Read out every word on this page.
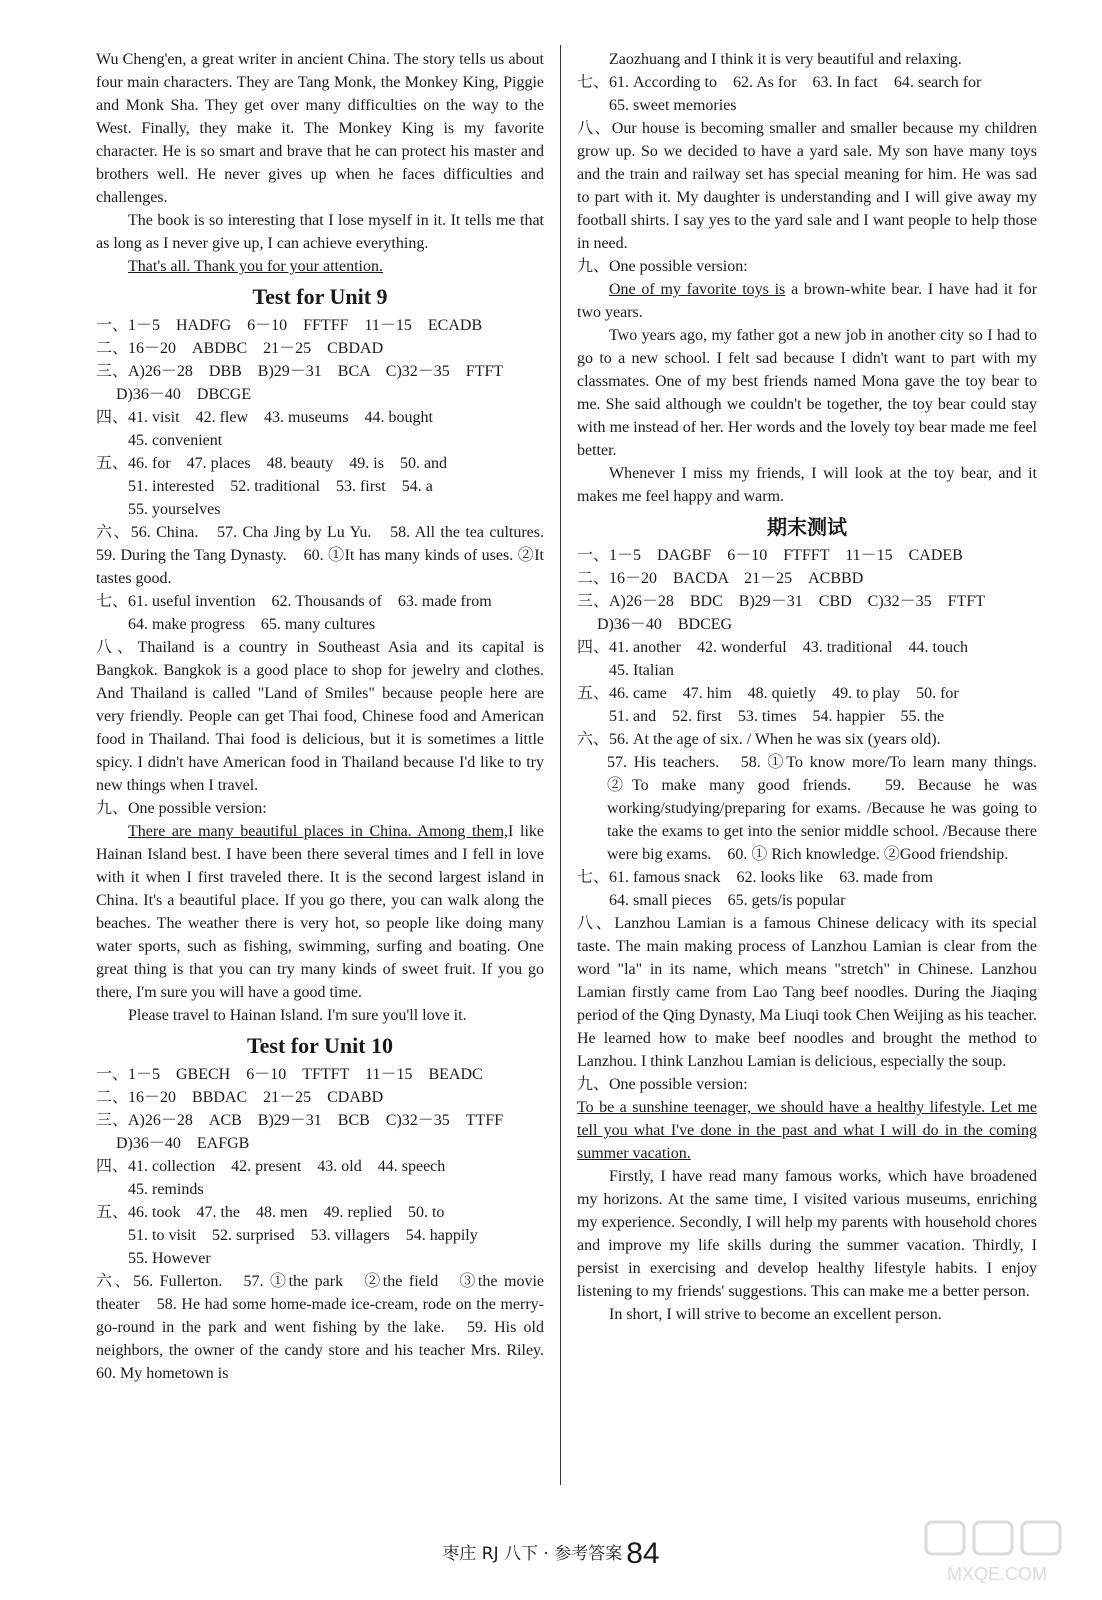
Wu Cheng'en, a great writer in ancient China. The story tells us about four main characters. They are Tang Monk, the Monkey King, Piggie and Monk Sha. They get over many difficulties on the way to the West. Finally, they make it. The Monkey King is my favorite character. He is so smart and brave that he can protect his master and brothers well. He never gives up when he faces difficulties and challenges.

The book is so interesting that I lose myself in it. It tells me that as long as I never give up, I can achieve everything.

That's all. Thank you for your attention.

Test for Unit 9

一、1－5　HADFG　6－10　FFTFF　11－15　ECADB

二、16－20　ABDBC　21－25　CBDAD

三、A)26－28　DBB　B)29－31　BCA　C)32－35　FTFT

　 D)36－40　DBCGE

四、41. visit　42. flew　43. museums　44. bought

　　45. convenient

五、46. for　47. places　48. beauty　49. is　50. and

　　51. interested　52. traditional　53. first　54. a

　　55. yourselves

六、56. China.　57. Cha Jing by Lu Yu.　58. All the tea cultures.　59. During the Tang Dynasty.　60. ①It has many kinds of uses. ②It tastes good.

七、61. useful invention　62. Thousands of　63. made from

　　64. make progress　65. many cultures

八、Thailand is a country in Southeast Asia and its capital is Bangkok. Bangkok is a good place to shop for jewelry and clothes. And Thailand is called "Land of Smiles" because people here are very friendly. People can get Thai food, Chinese food and American food in Thailand. Thai food is delicious, but it is sometimes a little spicy. I didn't have American food in Thailand because I'd like to try new things when I travel.

九、One possible version:

There are many beautiful places in China. Among them,I like Hainan Island best. I have been there several times and I fell in love with it when I first traveled there. It is the second largest island in China. It's a beautiful place. If you go there, you can walk along the beaches. The weather there is very hot, so people like doing many water sports, such as fishing, swimming, surfing and boating. One great thing is that you can try many kinds of sweet fruit. If you go there, I'm sure you will have a good time.

Please travel to Hainan Island. I'm sure you'll love it.

Test for Unit 10

一、1－5　GBECH　6－10　TFTFT　11－15　BEADC

二、16－20　BBDAC　21－25　CDABD

三、A)26－28　ACB　B)29－31　BCB　C)32－35　TTFF

　 D)36－40　EAFGB

四、41. collection　42. present　43. old　44. speech

　　45. reminds

五、46. took　47. the　48. men　49. replied　50. to

　　51. to visit　52. surprised　53. villagers　54. happily

　　55. However

六、56. Fullerton.　57. ①the park　②the field　③the movie theater　58. He had some home-made ice-cream, rode on the merry-go-round in the park and went fishing by the lake.　59. His old neighbors, the owner of the candy store and his teacher Mrs. Riley.　60. My hometown is

Zaozhuang and I think it is very beautiful and relaxing.

七、61. According to　62. As for　63. In fact　64. search for

　　65. sweet memories

八、Our house is becoming smaller and smaller because my children grow up. So we decided to have a yard sale. My son have many toys and the train and railway set has special meaning for him. He was sad to part with it. My daughter is understanding and I will give away my football shirts. I say yes to the yard sale and I want people to help those in need.

九、One possible version:

One of my favorite toys is a brown-white bear. I have had it for two years.

Two years ago, my father got a new job in another city so I had to go to a new school. I felt sad because I didn't want to part with my classmates. One of my best friends named Mona gave the toy bear to me. She said although we couldn't be together, the toy bear could stay with me instead of her. Her words and the lovely toy bear made me feel better.

Whenever I miss my friends, I will look at the toy bear, and it makes me feel happy and warm.

期末测试

一、1－5　DAGBF　6－10　FTFFT　11－15　CADEB

二、16－20　BACDA　21－25　ACBBD

三、A)26－28　BDC　B)29－31　CBD　C)32－35　FTFT

　 D)36－40　BDCEG

四、41. another　42. wonderful　43. traditional　44. touch

　　45. Italian

五、46. came　47. him　48. quietly　49. to play　50. for

　　51. and　52. first　53. times　54. happier　55. the

六、56. At the age of six. / When he was six (years old).

57. His teachers.　58. ①To know more/To learn many things. ②To make many good friends.　59. Because he was working/studying/preparing for exams. /Because he was going to take the exams to get into the senior middle school. /Because there were big exams.　60. ① Rich knowledge. ②Good friendship.

七、61. famous snack　62. looks like　63. made from

　　64. small pieces　65. gets/is popular

八、Lanzhou Lamian is a famous Chinese delicacy with its special taste. The main making process of Lanzhou Lamian is clear from the word "la" in its name, which means "stretch" in Chinese. Lanzhou Lamian firstly came from Lao Tang beef noodles. During the Jiaqing period of the Qing Dynasty, Ma Liuqi took Chen Weijing as his teacher. He learned how to make beef noodles and brought the method to Lanzhou. I think Lanzhou Lamian is delicious, especially the soup.

九、One possible version:

To be a sunshine teenager, we should have a healthy lifestyle. Let me tell you what I've done in the past and what I will do in the coming summer vacation.

Firstly, I have read many famous works, which have broadened my horizons. At the same time, I visited various museums, enriching my experience. Secondly, I will help my parents with household chores and improve my life skills during the summer vacation. Thirdly, I persist in exercising and develop healthy lifestyle habits. I enjoy listening to my friends' suggestions. This can make me a better person.

In short, I will strive to become an excellent person.

枣庄 RJ 八下 · 参考答案 84
MXQE.COM
